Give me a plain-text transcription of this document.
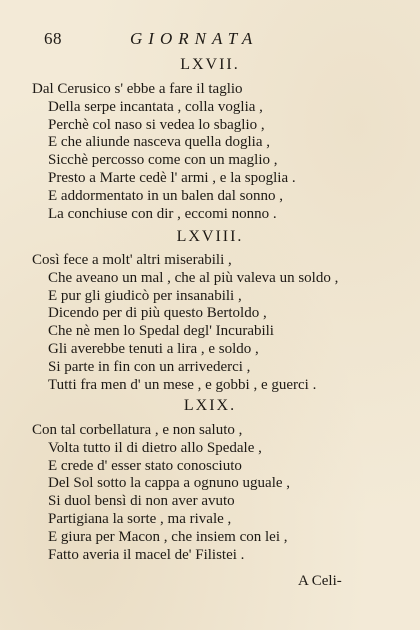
68	GIORNATA
LXVII.
Dal Cerusico s' ebbe a fare il taglio
Della serpe incantata , colla voglia ,
Perchè col naso si vedea lo sbaglio ,
E che aliunde nasceva quella doglia ,
Sicchè percosso come con un maglio ,
Presto a Marte cedè l' armi , e la spoglia .
E addormentato in un balen dal sonno ,
La conchiuse con dir , eccomi nonno .
LXVIII.
Così fece a molt' altri miserabili ,
Che aveano un mal , che al più valeva un soldo ,
E pur gli giudicò per insanabili ,
Dicendo per di più questo Bertoldo ,
Che nè men lo Spedal degl' Incurabili
Gli averebbe tenuti a lira , e soldo ,
Si parte in fin con un arrivederci ,
Tutti fra men d' un mese , e gobbi , e guerci .
LXIX.
Con tal corbellatura , e non saluto ,
Volta tutto il di dietro allo Spedale ,
E crede d' esser stato conosciuto
Del Sol sotto la cappa a ognuno uguale ,
Si duol bensì di non aver avuto
Partigiana la sorte , ma rivale ,
E giura per Macon , che insiem con lei ,
Fatto averia il macel de' Filistei .
A Celi-
